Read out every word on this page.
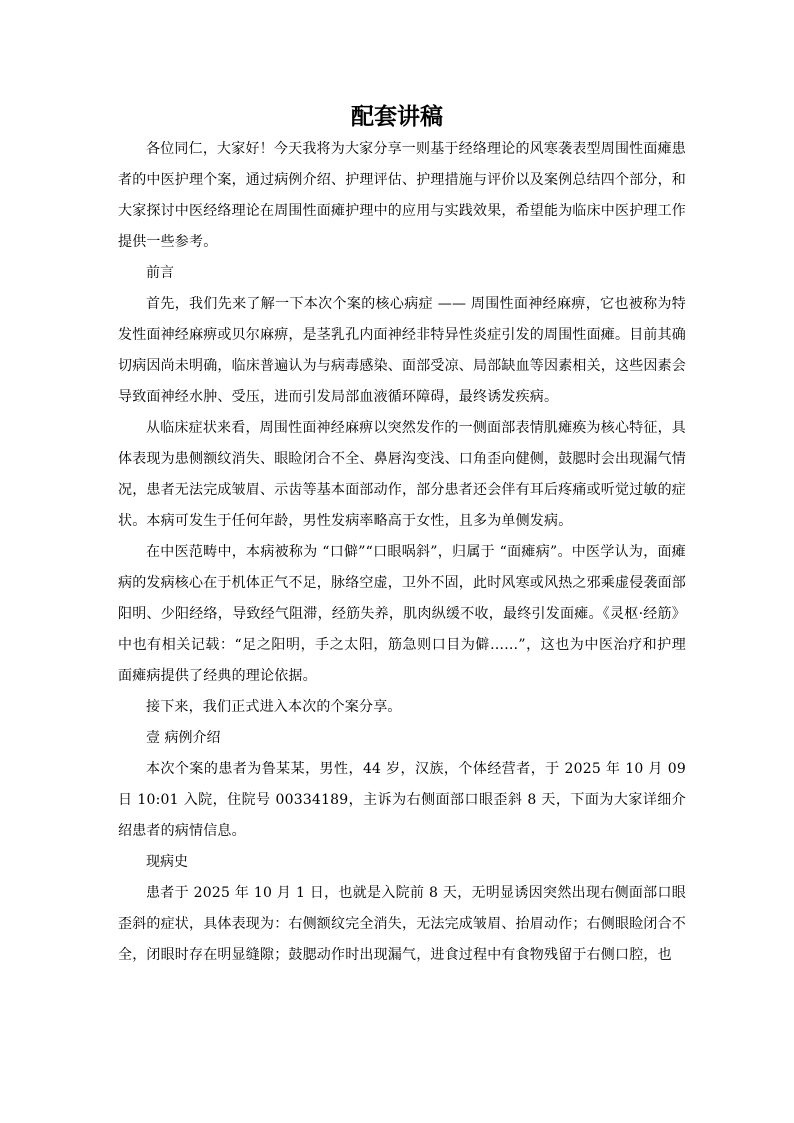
配套讲稿

各位同仁，大家好！今天我将为大家分享一则基于经络理论的风寒袭表型周围性面瘫患者的中医护理个案，通过病例介绍、护理评估、护理措施与评价以及案例总结四个部分，和大家探讨中医经络理论在周围性面瘫护理中的应用与实践效果，希望能为临床中医护理工作提供一些参考。

前言

首先，我们先来了解一下本次个案的核心病症 —— 周围性面神经麻痹，它也被称为特发性面神经麻痹或贝尔麻痹，是茎乳孔内面神经非特异性炎症引发的周围性面瘫。目前其确切病因尚未明确，临床普遍认为与病毒感染、面部受凉、局部缺血等因素相关，这些因素会导致面神经水肿、受压，进而引发局部血液循环障碍，最终诱发疾病。

从临床症状来看，周围性面神经麻痹以突然发作的一侧面部表情肌瘫痪为核心特征，具体表现为患侧额纹消失、眼睑闭合不全、鼻唇沟变浅、口角歪向健侧，鼓腮时会出现漏气情况，患者无法完成皱眉、示齿等基本面部动作，部分患者还会伴有耳后疼痛或听觉过敏的症状。本病可发生于任何年龄，男性发病率略高于女性，且多为单侧发病。

在中医范畴中，本病被称为 “口僻”“口眼㖞斜”，归属于 “面瘫病”。中医学认为，面瘫病的发病核心在于机体正气不足，脉络空虚，卫外不固，此时风寒或风热之邪乘虚侵袭面部阳明、少阳经络，导致经气阻滞，经筋失养，肌肉纵缓不收，最终引发面瘫。《灵枢·经筋》中也有相关记载：“足之阳明，手之太阳，筋急则口目为僻……”，这也为中医治疗和护理面瘫病提供了经典的理论依据。

接下来，我们正式进入本次的个案分享。

壹 病例介绍

本次个案的患者为鲁某某，男性，44 岁，汉族，个体经营者，于 2025 年 10 月 09 日 10:01 入院，住院号 00334189，主诉为右侧面部口眼歪斜 8 天，下面为大家详细介绍患者的病情信息。

现病史

患者于 2025 年 10 月 1 日，也就是入院前 8 天，无明显诱因突然出现右侧面部口眼歪斜的症状，具体表现为：右侧额纹完全消失，无法完成皱眉、抬眉动作；右侧眼睑闭合不全，闭眼时存在明显缝隙；鼓腮动作时出现漏气，进食过程中有食物残留于右侧口腔，也
